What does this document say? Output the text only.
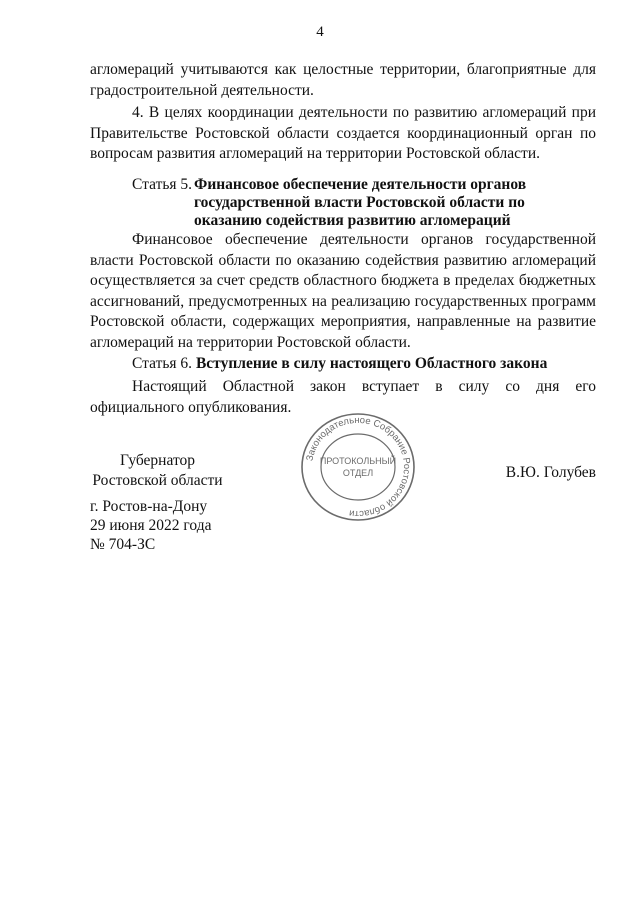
4

агломераций учитываются как целостные территории, благоприятные для градостроительной деятельности.

4. В целях координации деятельности по развитию агломераций при Правительстве Ростовской области создается координационный орган по вопросам развития агломераций на территории Ростовской области.

Статья 5. Финансовое обеспечение деятельности органов
государственной власти Ростовской области по
оказанию содействия развитию агломераций

Финансовое обеспечение деятельности органов государственной власти Ростовской области по оказанию содействия развитию агломераций осуществляется за счет средств областного бюджета в пределах бюджетных ассигнований, предусмотренных на реализацию государственных программ Ростовской области, содержащих мероприятия, направленные на развитие агломераций на территории Ростовской области.

Статья 6. Вступление в силу настоящего Областного закона

Настоящий Областной закон вступает в силу со дня его официального опубликования.

Губернатор
Ростовской области	В.Ю. Голубев
г. Ростов-на-Дону
29 июня 2022 года
№ 704-ЗС
Законодательное Собрание Ростовской области
ПРОТОКОЛЬНЫЙ
ОТДЕЛ
